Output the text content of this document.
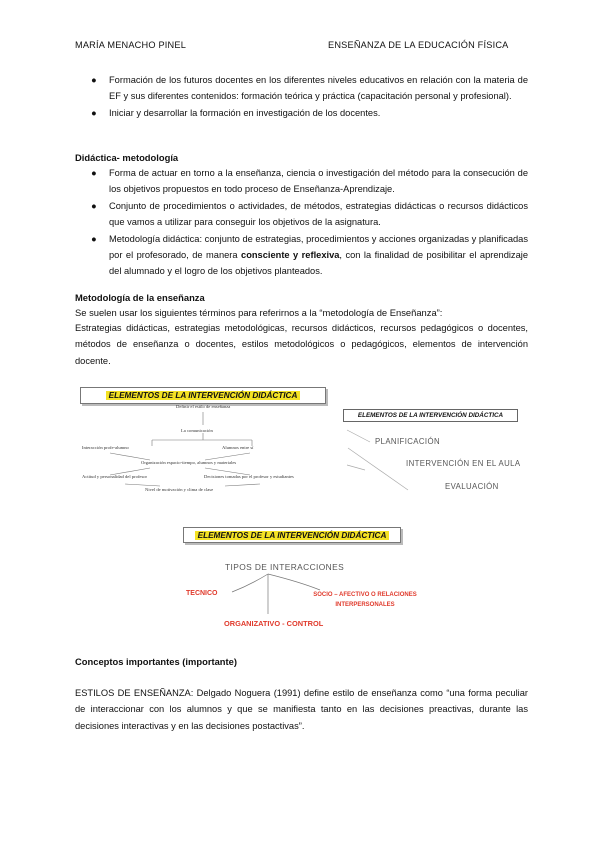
MARÍA MENACHO PINEL	ENSEÑANZA DE LA EDUCACIÓN FÍSICA
● Formación de los futuros docentes en los diferentes niveles educativos en relación con la materia de EF y sus diferentes contenidos: formación teórica y práctica (capacitación personal y profesional).
● Iniciar y desarrollar la formación en investigación de los docentes.
Didáctica- metodología
● Forma de actuar en torno a la enseñanza, ciencia o investigación del método para la consecución de los objetivos propuestos en todo proceso de Enseñanza-Aprendizaje.
● Conjunto de procedimientos o actividades, de métodos, estrategias didácticas o recursos didácticos que vamos a utilizar para conseguir los objetivos de la asignatura.
● Metodología didáctica: conjunto de estrategias, procedimientos y acciones organizadas y planificadas por el profesorado, de manera consciente y reflexiva, con la finalidad de posibilitar el aprendizaje del alumnado y el logro de los objetivos planteados.
Metodología de la enseñanza
Se suelen usar los siguientes términos para referirnos a la “metodología de Enseñanza”:
Estrategias didácticas, estrategias metodológicas, recursos didácticos, recursos pedagógicos o docentes, métodos de enseñanza o docentes, estilos metodológicos o pedagógicos, elementos de intervención docente.
ELEMENTOS DE LA INTERVENCIÓN DIDÁCTICA
Definir el estilo de enseñanza
La comunicación
Interacción profe-alumno	Alumnos entre sí
Organización espacio-tiempo, alumnos y materiales
Actitud y personalidad del profesor	Decisiones tomadas por el profesor y estudiantes
Nivel de motivación y clima de clase
ELEMENTOS DE LA INTERVENCIÓN DIDÁCTICA
PLANIFICACIÓN
INTERVENCIÓN EN EL AULA
EVALUACIÓN
ELEMENTOS DE LA INTERVENCIÓN DIDÁCTICA
TIPOS DE INTERACCIONES
TECNICO	SOCIO – AFECTIVO O RELACIONES INTERPERSONALES
ORGANIZATIVO - CONTROL
Conceptos importantes (importante)
ESTILOS DE ENSEÑANZA: Delgado Noguera (1991) define estilo de enseñanza como “una forma peculiar de interaccionar con los alumnos y que se manifiesta tanto en las decisiones preactivas, durante las decisiones interactivas y en las decisiones postactivas”.
